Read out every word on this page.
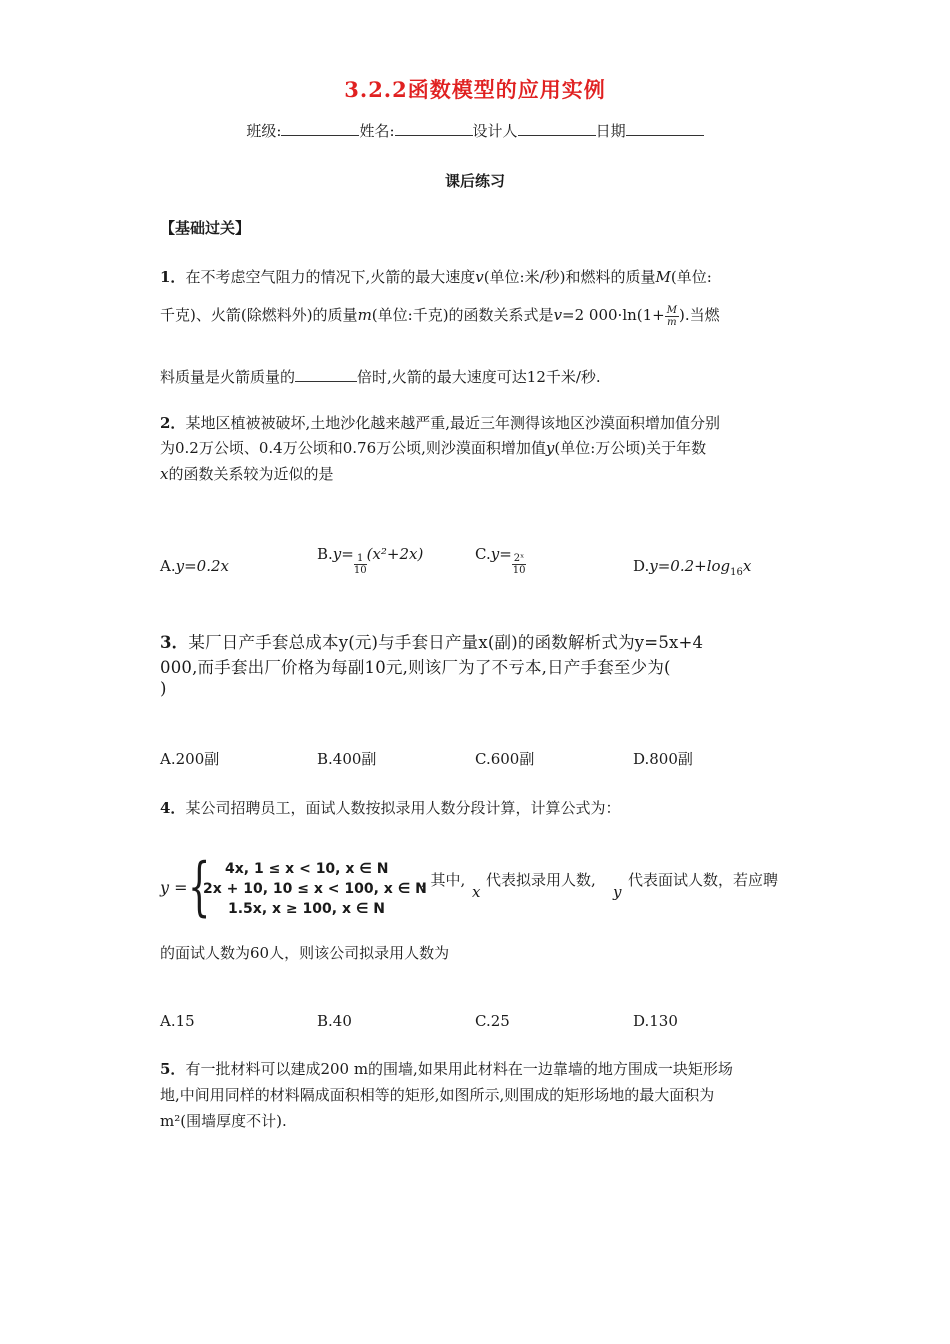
3.2.2函数模型的应用实例
班级:	姓名:	设计人	日期
课后练习
【基础过关】
1．在不考虑空气阻力的情况下,火箭的最大速度v(单位:米/秒)和燃料的质量M(单位:
千克)、火箭(除燃料外)的质量m(单位:千克)的函数关系式是v=2 $000\cdot\ln(1+ \frac{M}{m}$ ).当燃
料质量是火箭质量的	倍时,火箭的最大速度可达12千米/秒.
2．某地区植被被破坏,土地沙化越来越严重,最近三年测得该地区沙漠面积增加值分别
为0.2万公顷、0.4万公顷和0.76万公顷,则沙漠面积增加值y(单位:万公顷)关于年数
x的函数关系较为近似的是
A.y=0.2x
$B.y= \frac{1}{10} (x^2+2x)$	$C.y= \frac{\text{2ˣ}}{10}$	$D.y=0.2+\log_{16}x$
3．某厂日产手套总成本y(元)与手套日产量x(副)的函数解析式为y=5x+4
000,而手套出厂价格为每副10元,则该厂为了不亏本,日产手套至少为(
)
A.200副	B.400副	C.600副	D.800副
4．某公司招聘员工，面试人数按拟录用人数分段计算，计算公式为：
y = { 4x, 1 ≤ x < 10, x ∈ N
2x + 10, 10 ≤ x < 100, x ∈ N
1.5x, x ≥ 100, x ∈ N
, 其中,
x
代表拟录用人数,
y
代表面试人数，若应聘
的面试人数为60人，则该公司拟录用人数为
A.15	B.40	C.25	D.130
5．有一批材料可以建成200 m的围墙,如果用此材料在一边靠墙的地方围成一块矩形场
地,中间用同样的材料隔成面积相等的矩形,如图所示,则围成的矩形场地的最大面积为
m²(围墙厚度不计).
